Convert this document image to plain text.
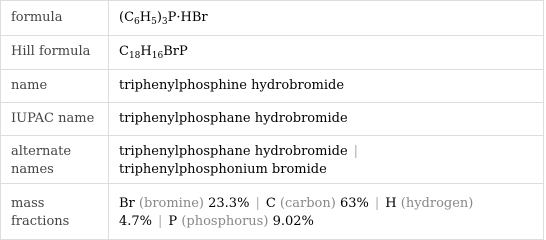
formula	$(C_6H_5)_3P\cdot HBr$
Hill formula	$C_{18}H_{16}BrP$
name	triphenylphosphine hydrobromide
IUPAC name	triphenylphosphane hydrobromide
alternate names	triphenylphosphane hydrobromide |
triphenylphosphonium bromide
mass fractions	Br (bromine) 23.3% | C (carbon) 63% | H (hydrogen)
4.7% | P (phosphorus) 9.02%
